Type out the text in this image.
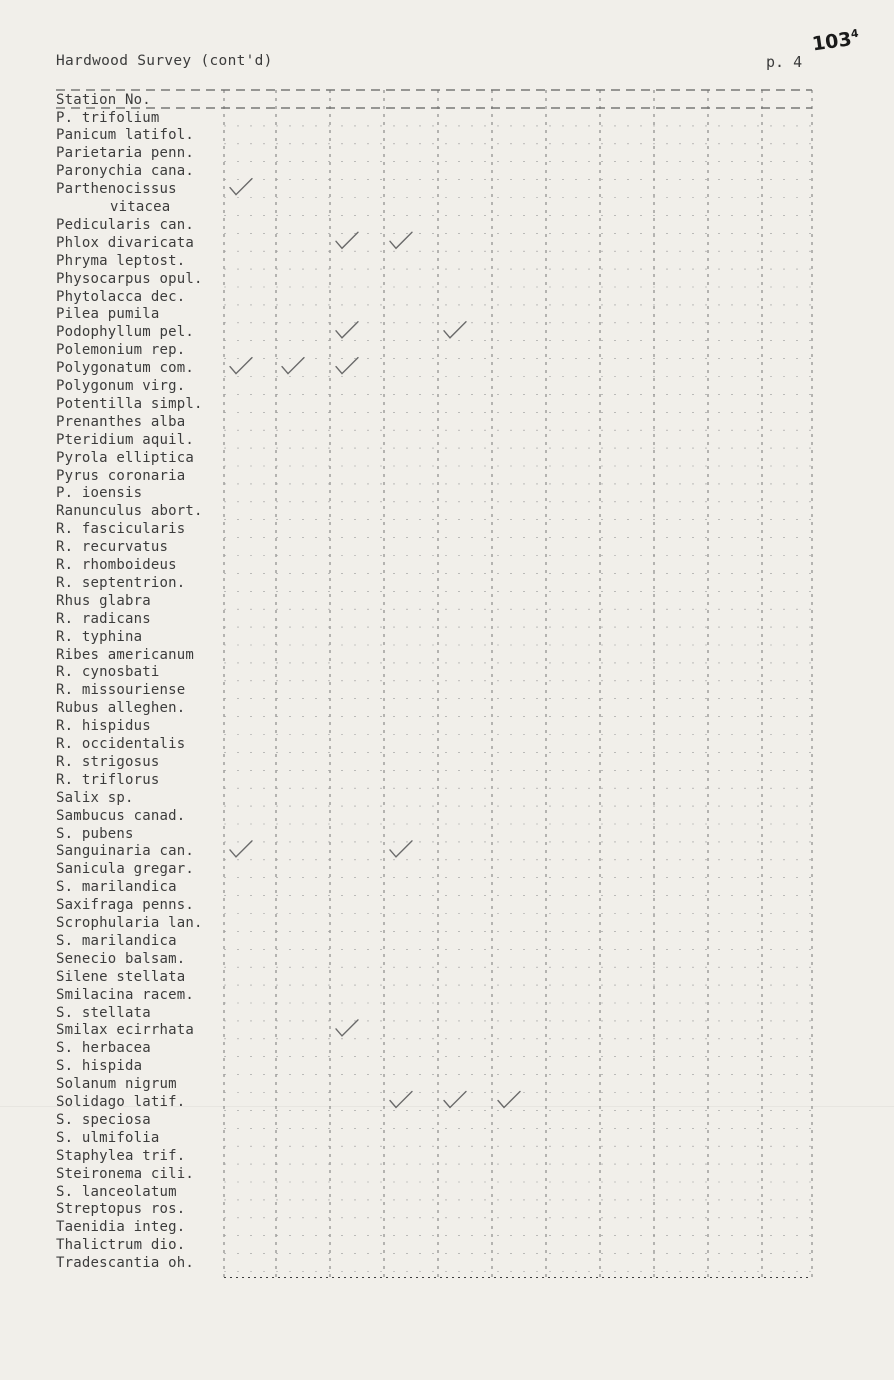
Hardwood Survey (cont'd)	p. 4
$103^4$
Station No.
P. trifolium
Panicum latifol.
Parietaria penn.
Paronychia cana.
Parthenocissus
vitacea
Pedicularis can.
Phlox divaricata
Phryma leptost.
Physocarpus opul.
Phytolacca dec.
Pilea pumila
Podophyllum pel.
Polemonium rep.
Polygonatum com.
Polygonum virg.
Potentilla simpl.
Prenanthes alba
Pteridium aquil.
Pyrola elliptica
Pyrus coronaria
P. ioensis
Ranunculus abort.
R. fascicularis
R. recurvatus
R. rhomboideus
R. septentrion.
Rhus glabra
R. radicans
R. typhina
Ribes americanum
R. cynosbati
R. missouriense
Rubus alleghen.
R. hispidus
R. occidentalis
R. strigosus
R. triflorus
Salix sp.
Sambucus canad.
S. pubens
Sanguinaria can.
Sanicula gregar.
S. marilandica
Saxifraga penns.
Scrophularia lan.
S. marilandica
Senecio balsam.
Silene stellata
Smilacina racem.
S. stellata
Smilax ecirrhata
S. herbacea
S. hispida
Solanum nigrum
Solidago latif.
S. speciosa
S. ulmifolia
Staphylea trif.
Steironema cili.
S. lanceolatum
Streptopus ros.
Taenidia integ.
Thalictrum dio.
Tradescantia oh.
